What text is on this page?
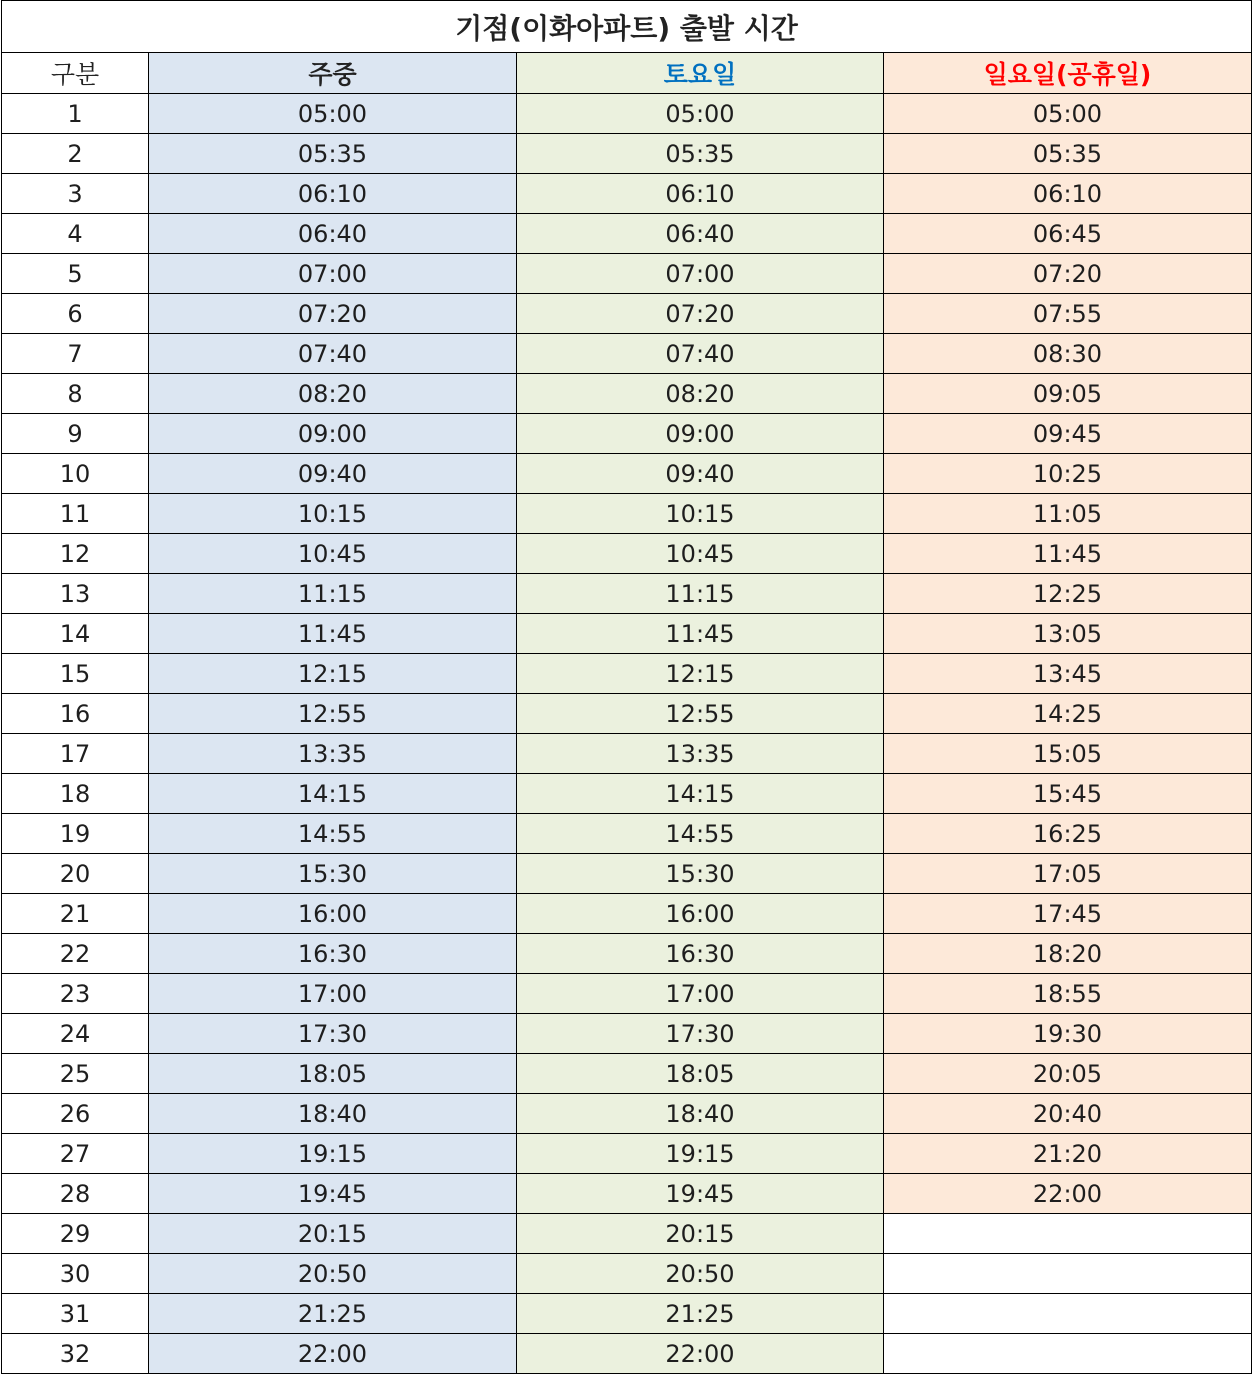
기점(이화아파트) 출발 시간			
구분	주중	토요일	일요일(공휴일)
1	05:00	05:00	05:00
2	05:35	05:35	05:35
3	06:10	06:10	06:10
4	06:40	06:40	06:45
5	07:00	07:00	07:20
6	07:20	07:20	07:55
7	07:40	07:40	08:30
8	08:20	08:20	09:05
9	09:00	09:00	09:45
10	09:40	09:40	10:25
11	10:15	10:15	11:05
12	10:45	10:45	11:45
13	11:15	11:15	12:25
14	11:45	11:45	13:05
15	12:15	12:15	13:45
16	12:55	12:55	14:25
17	13:35	13:35	15:05
18	14:15	14:15	15:45
19	14:55	14:55	16:25
20	15:30	15:30	17:05
21	16:00	16:00	17:45
22	16:30	16:30	18:20
23	17:00	17:00	18:55
24	17:30	17:30	19:30
25	18:05	18:05	20:05
26	18:40	18:40	20:40
27	19:15	19:15	21:20
28	19:45	19:45	22:00
29	20:15	20:15	
30	20:50	20:50	
31	21:25	21:25	
32	22:00	22:00	
